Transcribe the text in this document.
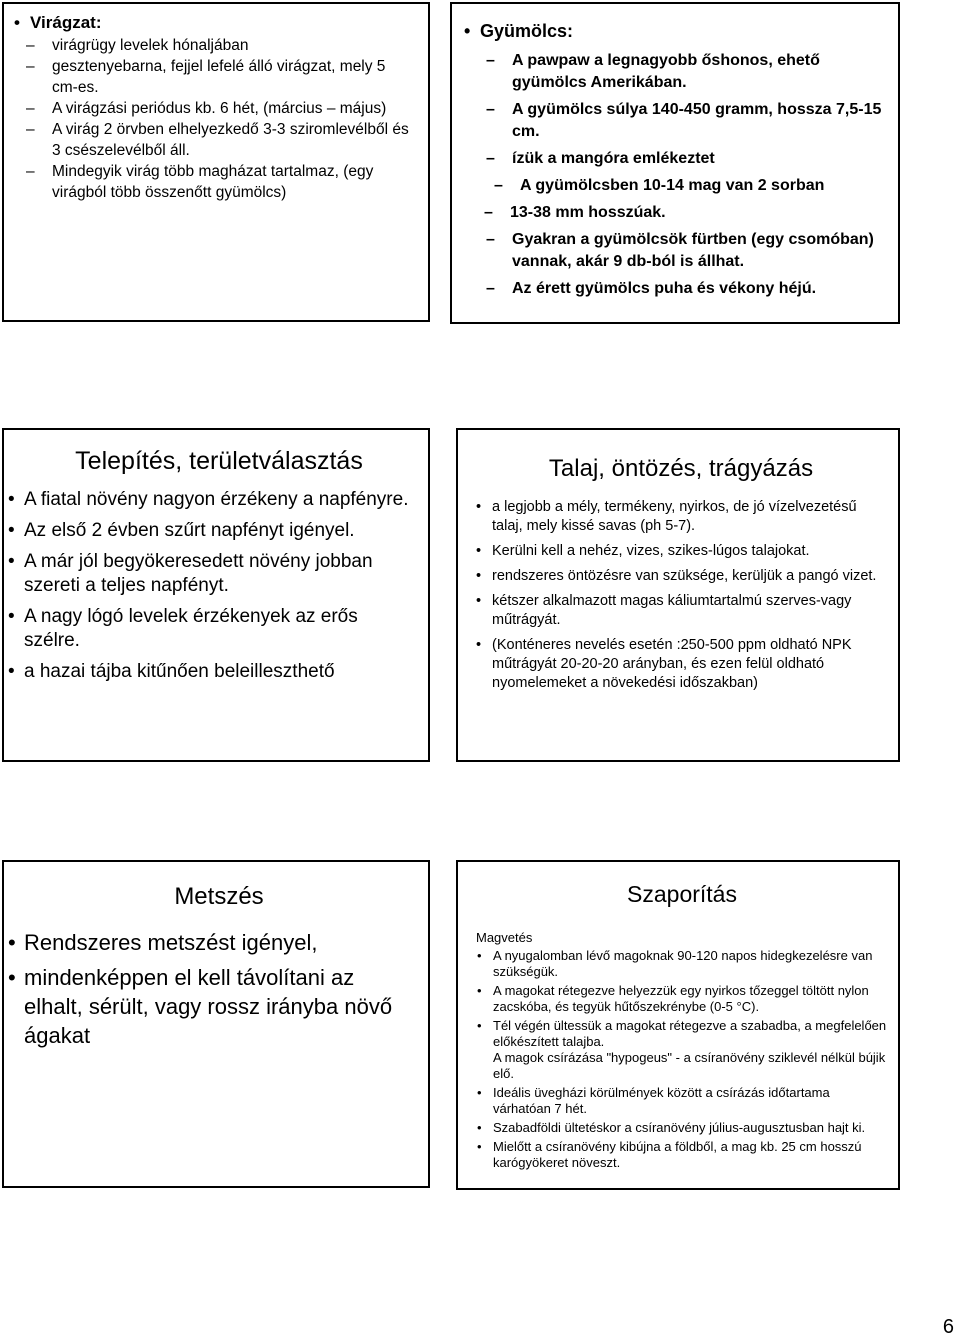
• Virágzat:
– virágrügy levelek hónaljában
– gesztenyebarna, fejjel lefelé álló virágzat, mely 5 cm-es.
– A virágzási periódus kb. 6 hét, (március – május)
– A virág 2 örvben elhelyezkedő 3-3 sziromlevélből és 3 csészelevélből áll.
– Mindegyik virág több magházat tartalmaz, (egy virágból több összenőtt gyümölcs)
• Gyümölcs:
– A pawpaw a legnagyobb őshonos, ehető gyümölcs Amerikában.
– A gyümölcs súlya 140-450 gramm, hossza 7,5-15 cm.
– ízük a mangóra emlékeztet
– A gyümölcsben 10-14 mag van 2 sorban
– 13-38 mm hosszúak.
– Gyakran a gyümölcsök fürtben (egy csomóban) vannak, akár 9 db-ból is állhat.
– Az érett gyümölcs puha és vékony héjú.
Telepítés, területválasztás
• A fiatal növény nagyon érzékeny a napfényre.
• Az első 2 évben szűrt napfényt igényel.
• A már jól begyökeresedett növény jobban szereti a teljes napfényt.
• A nagy lógó levelek érzékenyek az erős szélre.
• a hazai tájba kitűnően beleilleszthető
Talaj, öntözés, trágyázás
• a legjobb a mély, termékeny, nyirkos, de jó vízelvezetésű talaj, mely kissé savas (ph 5-7).
• Kerülni kell a nehéz, vizes, szikes-lúgos talajokat.
• rendszeres öntözésre van szüksége, kerüljük a pangó vizet.
• kétszer alkalmazott magas káliumtartalmú szerves-vagy műtrágyát.
• (Konténeres nevelés esetén :250-500 ppm oldható NPK műtrágyát 20-20-20 arányban, és ezen felül oldható nyomelemeket a növekedési időszakban)
Metszés
• Rendszeres metszést igényel,
• mindenképpen el kell távolítani az elhalt, sérült, vagy rossz irányba növő ágakat
Szaporítás
Magvetés
• A nyugalomban lévő magoknak 90-120 napos hidegkezelésre van szükségük.
• A magokat rétegezve helyezzük egy nyirkos tőzeggel töltött nylon zacskóba, és tegyük hűtőszekrénybe (0-5 °C).
• Tél végén ültessük a magokat rétegezve a szabadba, a megfelelően előkészített talajba.
A magok csírázása "hypogeus" - a csíranövény sziklevél nélkül bújik elő.
• Ideális üvegházi körülmények között a csírázás időtartama várhatóan 7 hét.
• Szabadföldi ültetéskor a csíranövény július-augusztusban hajt ki.
• Mielőtt a csíranövény kibújna a földből, a mag kb. 25 cm hosszú karógyökeret növeszt.
6
